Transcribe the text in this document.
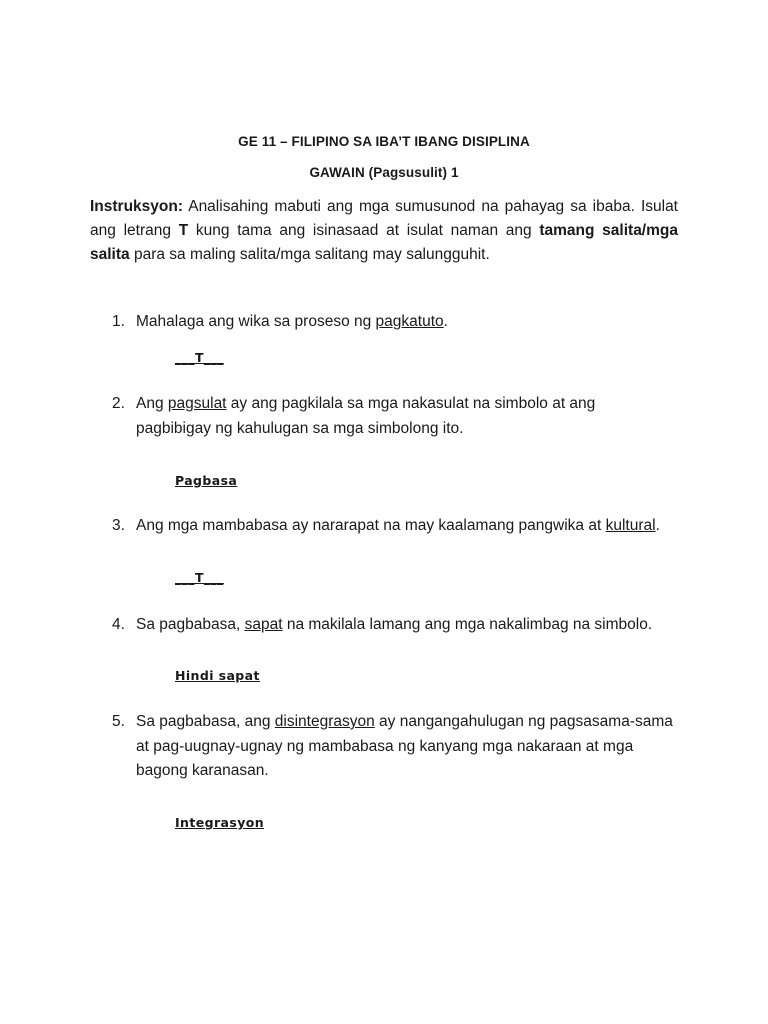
GE 11 – FILIPINO SA IBA’T IBANG DISIPLINA
GAWAIN (Pagsusulit) 1
Instruksyon: Analisahing mabuti ang mga sumusunod na pahayag sa ibaba. Isulat ang letrang T kung tama ang isinasaad at isulat naman ang tamang salita/mga salita para sa maling salita/mga salitang may salungguhit.
1. Mahalaga ang wika sa proseso ng pagkatuto.
___T___
2. Ang pagsulat ay ang pagkilala sa mga nakasulat na simbolo at ang pagbibigay ng kahulugan sa mga simbolong ito.
Pagbasa
3. Ang mga mambabasa ay nararapat na may kaalamang pangwika at kultural.
___T___
4. Sa pagbabasa, sapat na makilala lamang ang mga nakalimbag na simbolo.
Hindi sapat
5. Sa pagbabasa, ang disintegrasyon ay nangangahulugan ng pagsasama-sama at pag-uugnay-ugnay ng mambabasa ng kanyang mga nakaraan at mga bagong karanasan.
Integrasyon
